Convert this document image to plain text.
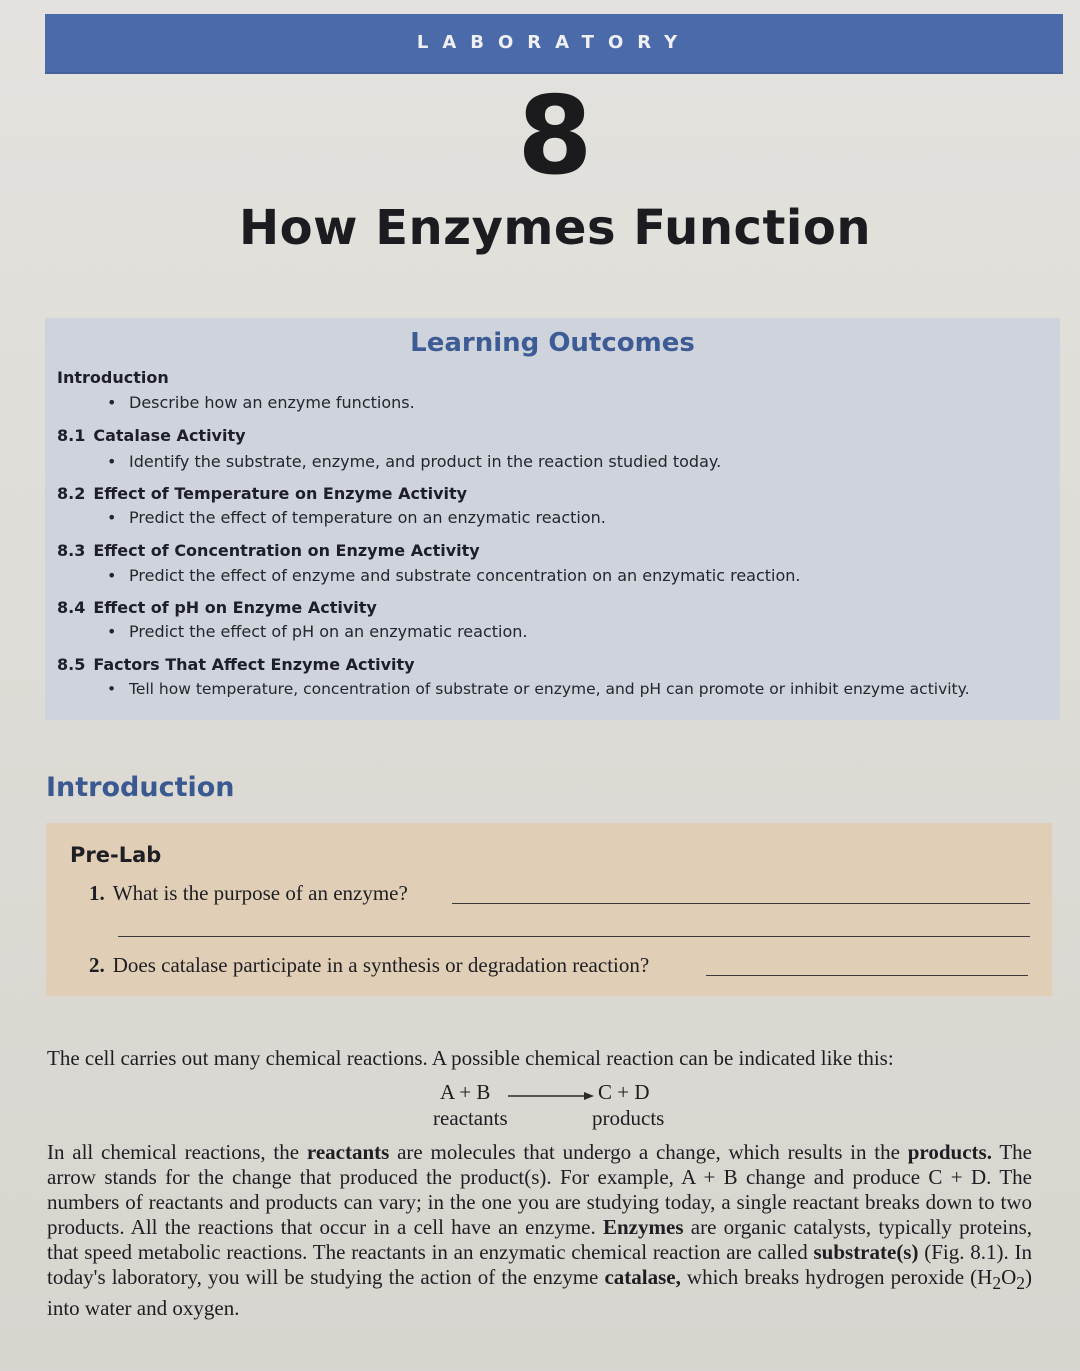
LABORATORY
8
How Enzymes Function
Learning Outcomes
Introduction
• Describe how an enzyme functions.
8.1 Catalase Activity
• Identify the substrate, enzyme, and product in the reaction studied today.
8.2 Effect of Temperature on Enzyme Activity
• Predict the effect of temperature on an enzymatic reaction.
8.3 Effect of Concentration on Enzyme Activity
• Predict the effect of enzyme and substrate concentration on an enzymatic reaction.
8.4 Effect of pH on Enzyme Activity
• Predict the effect of pH on an enzymatic reaction.
8.5 Factors That Affect Enzyme Activity
• Tell how temperature, concentration of substrate or enzyme, and pH can promote or inhibit enzyme activity.
Introduction
Pre-Lab
1. What is the purpose of an enzyme?
2. Does catalase participate in a synthesis or degradation reaction?
The cell carries out many chemical reactions. A possible chemical reaction can be indicated like this:
A + B	C + D
reactants	products
In all chemical reactions, the reactants are molecules that undergo a change, which results in the products. The arrow stands for the change that produced the product(s). For example, A + B change and produce C + D. The numbers of reactants and products can vary; in the one you are studying today, a single reactant breaks down to two products. All the reactions that occur in a cell have an enzyme. Enzymes are organic catalysts, typically proteins, that speed metabolic reactions. The reactants in an enzymatic chemical reaction are called substrate(s) (Fig. 8.1). In today's laboratory, you will be studying the action of the enzyme catalase, which breaks hydrogen peroxide $(H_2O_2)$ into water and oxygen.
